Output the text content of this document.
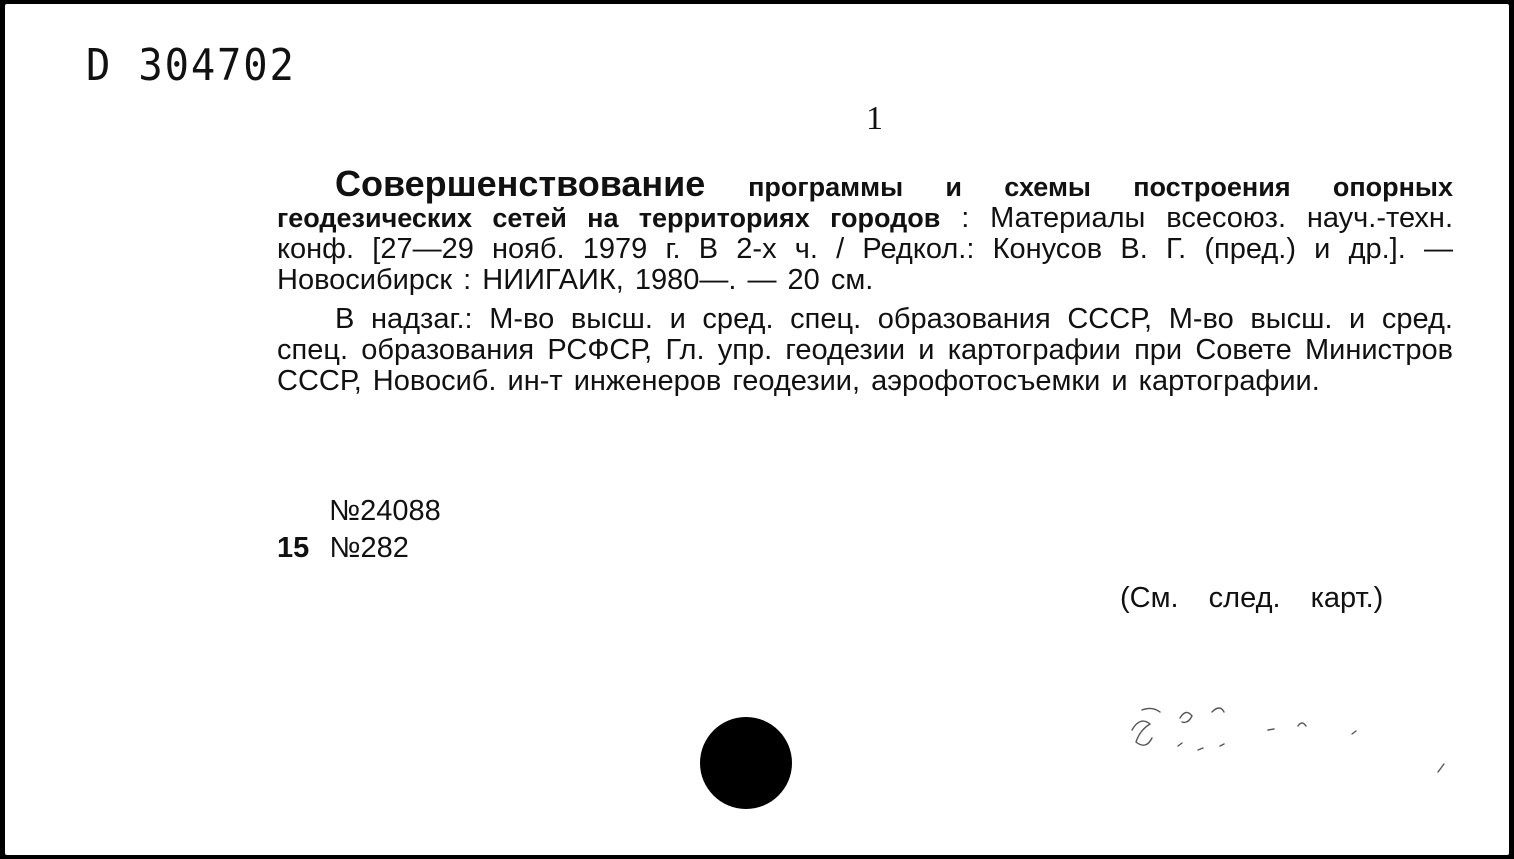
D 304702
1

Совершенствование программы и схемы построения опорных геодезических сетей на территориях городов : Материалы всесоюз. науч.-техн. конф. [27—29 нояб. 1979 г. В 2-х ч. / Редкол.: Конусов В. Г. (пред.) и др.]. — Новосибирск : НИИГАИК, 1980—. — 20 см.

В надзаг.: М-во высш. и сред. спец. образования СССР, М-во высш. и сред. спец. образования РСФСР, Гл. упр. геодезии и картографии при Совете Министров СССР, Новосиб. ин-т инженеров геодезии, аэрофотосъемки и картографии.

№24088
15 №282
(См. след. карт.)
